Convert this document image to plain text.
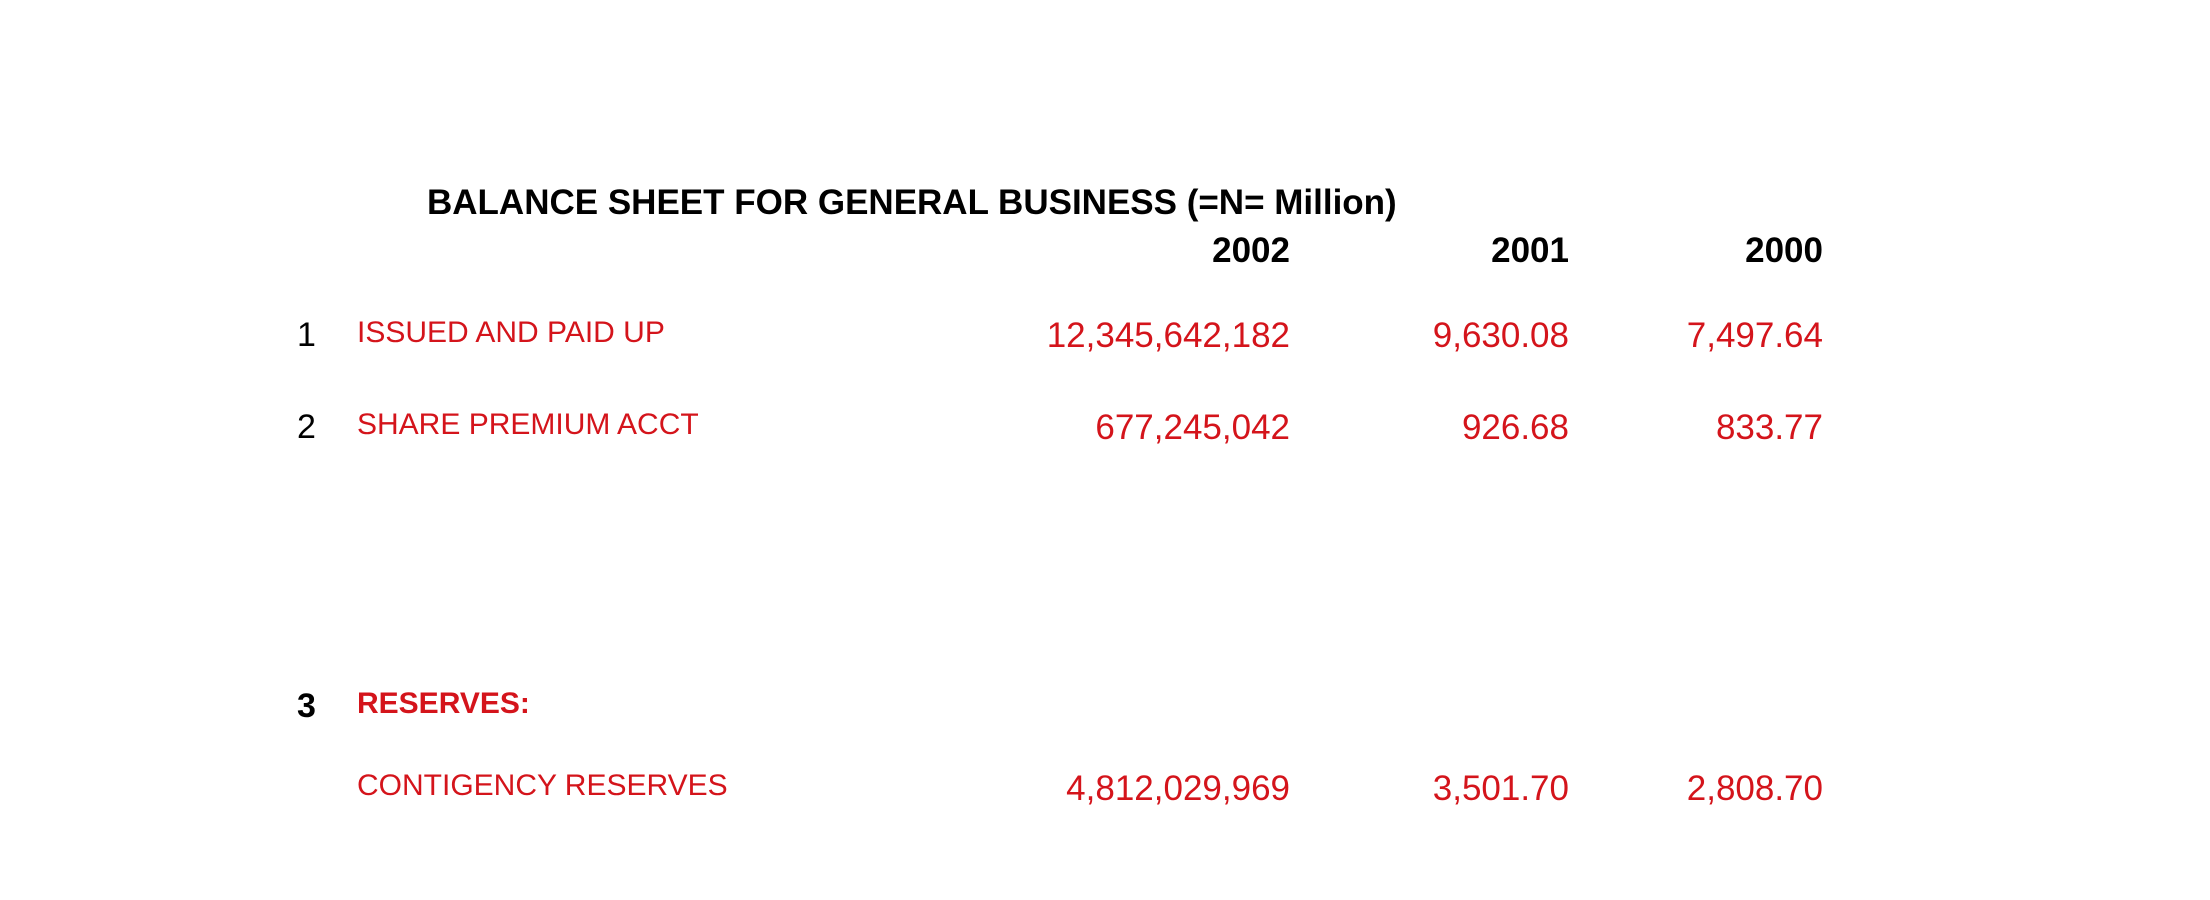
BALANCE SHEET FOR GENERAL BUSINESS (=N= Million)
2002	2001	2000
1 ISSUED AND PAID UP	12,345,642,182	9,630.08	7,497.64
2 SHARE PREMIUM ACCT	677,245,042	926.68	833.77
3 RESERVES:
CONTIGENCY RESERVES	4,812,029,969	3,501.70	2,808.70
